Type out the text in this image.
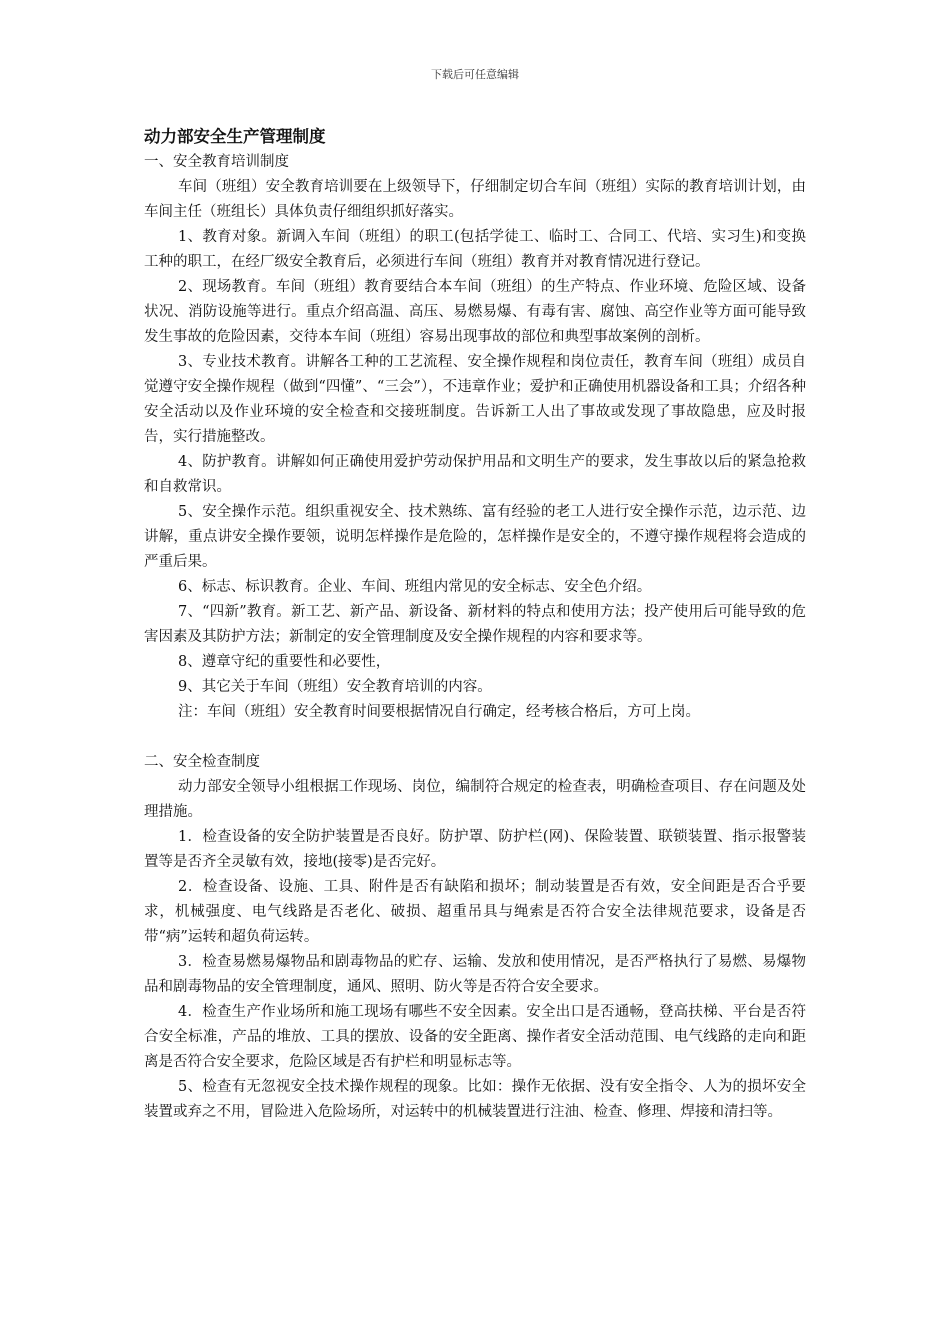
下载后可任意编辑

动力部安全生产管理制度

一、安全教育培训制度

车间（班组）安全教育培训要在上级领导下，仔细制定切合车间（班组）实际的教育培训计划，由车间主任（班组长）具体负责仔细组织抓好落实。

1、教育对象。新调入车间（班组）的职工(包括学徒工、临时工、合同工、代培、实习生)和变换工种的职工，在经厂级安全教育后，必须进行车间（班组）教育并对教育情况进行登记。

2、现场教育。车间（班组）教育要结合本车间（班组）的生产特点、作业环境、危险区域、设备状况、消防设施等进行。重点介绍高温、高压、易燃易爆、有毒有害、腐蚀、高空作业等方面可能导致发生事故的危险因素，交待本车间（班组）容易出现事故的部位和典型事故案例的剖析。

3、专业技术教育。讲解各工种的工艺流程、安全操作规程和岗位责任，教育车间（班组）成员自觉遵守安全操作规程（做到“四懂”、“三会”），不违章作业；爱护和正确使用机器设备和工具；介绍各种安全活动以及作业环境的安全检查和交接班制度。告诉新工人出了事故或发现了事故隐患，应及时报告，实行措施整改。

4、防护教育。讲解如何正确使用爱护劳动保护用品和文明生产的要求，发生事故以后的紧急抢救和自救常识。

5、安全操作示范。组织重视安全、技术熟练、富有经验的老工人进行安全操作示范，边示范、边讲解，重点讲安全操作要领，说明怎样操作是危险的，怎样操作是安全的，不遵守操作规程将会造成的严重后果。

6、标志、标识教育。企业、车间、班组内常见的安全标志、安全色介绍。

7、“四新”教育。新工艺、新产品、新设备、新材料的特点和使用方法；投产使用后可能导致的危害因素及其防护方法；新制定的安全管理制度及安全操作规程的内容和要求等。

8、遵章守纪的重要性和必要性，

9、其它关于车间（班组）安全教育培训的内容。

注：车间（班组）安全教育时间要根据情况自行确定，经考核合格后，方可上岗。

二、安全检查制度

动力部安全领导小组根据工作现场、岗位，编制符合规定的检查表，明确检查项目、存在问题及处理措施。

1．检查设备的安全防护装置是否良好。防护罩、防护栏(网)、保险装置、联锁装置、指示报警装置等是否齐全灵敏有效，接地(接零)是否完好。

2．检查设备、设施、工具、附件是否有缺陷和损坏；制动装置是否有效，安全间距是否合乎要求，机械强度、电气线路是否老化、破损、超重吊具与绳索是否符合安全法律规范要求，设备是否带“病”运转和超负荷运转。

3．检查易燃易爆物品和剧毒物品的贮存、运输、发放和使用情况，是否严格执行了易燃、易爆物品和剧毒物品的安全管理制度，通风、照明、防火等是否符合安全要求。

4．检查生产作业场所和施工现场有哪些不安全因素。安全出口是否通畅，登高扶梯、平台是否符合安全标准，产品的堆放、工具的摆放、设备的安全距离、操作者安全活动范围、电气线路的走向和距离是否符合安全要求，危险区域是否有护栏和明显标志等。

5、检查有无忽视安全技术操作规程的现象。比如：操作无依据、没有安全指令、人为的损坏安全装置或弃之不用，冒险进入危险场所，对运转中的机械装置进行注油、检查、修理、焊接和清扫等。
